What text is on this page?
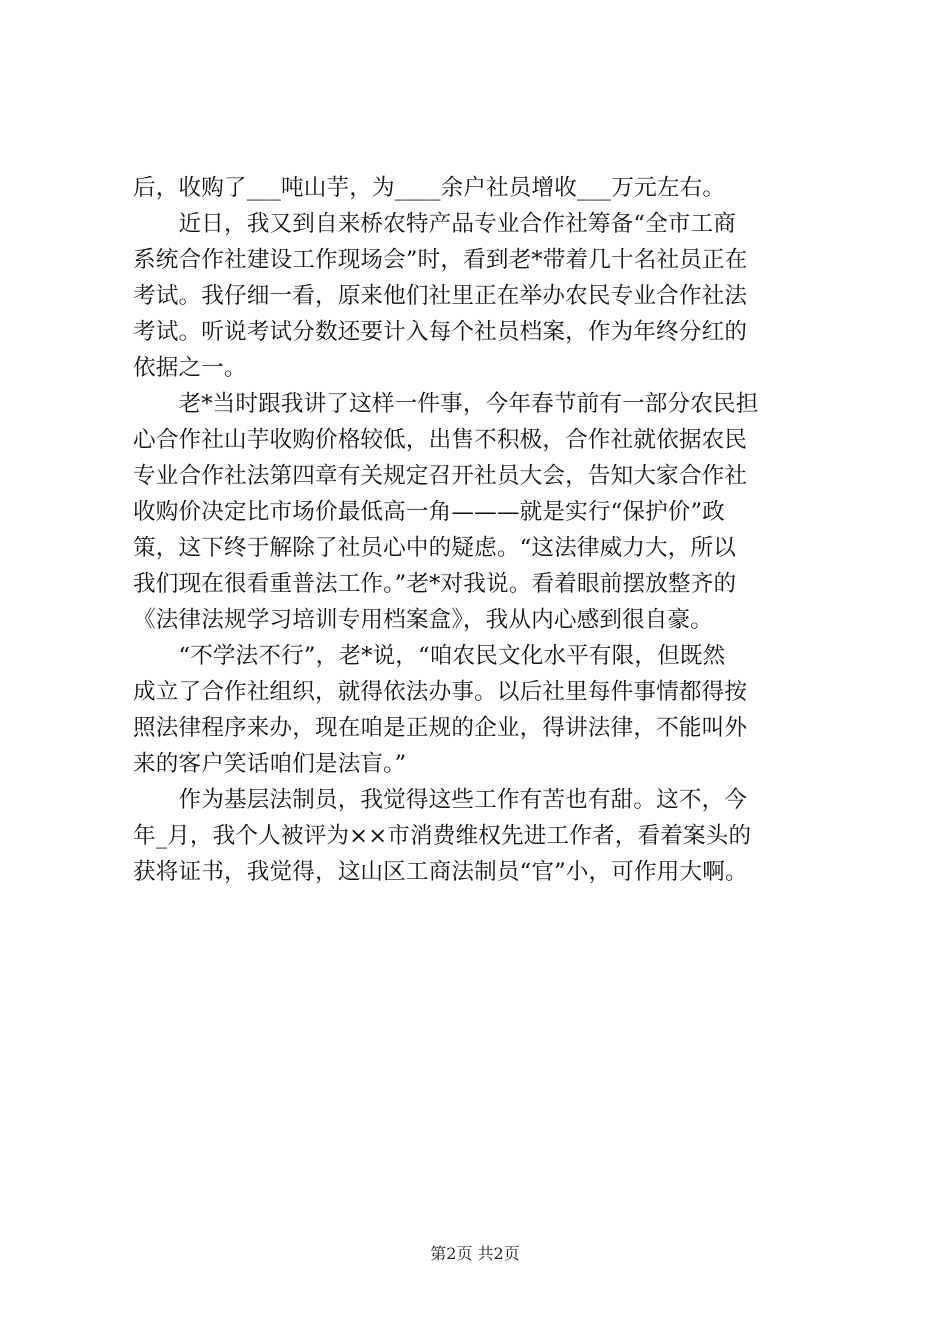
后，收购了___吨山芋，为____余户社员增收___万元左右。
　　近日，我又到自来桥农特产品专业合作社筹备“全市工商
系统合作社建设工作现场会”时，看到老*带着几十名社员正在
考试。我仔细一看，原来他们社里正在举办农民专业合作社法
考试。听说考试分数还要计入每个社员档案，作为年终分红的
依据之一。
　　老*当时跟我讲了这样一件事，今年春节前有一部分农民担
心合作社山芋收购价格较低，出售不积极，合作社就依据农民
专业合作社法第四章有关规定召开社员大会，告知大家合作社
收购价决定比市场价最低高一角———就是实行“保护价”政
策，这下终于解除了社员心中的疑虑。“这法律威力大，所以
我们现在很看重普法工作。”老*对我说。看着眼前摆放整齐的
《法律法规学习培训专用档案盒》，我从内心感到很自豪。
　　“不学法不行”，老*说，“咱农民文化水平有限，但既然
成立了合作社组织，就得依法办事。以后社里每件事情都得按
照法律程序来办，现在咱是正规的企业，得讲法律，不能叫外
来的客户笑话咱们是法盲。”
　　作为基层法制员，我觉得这些工作有苦也有甜。这不，今
年_月，我个人被评为××市消费维权先进工作者，看着案头的
获将证书，我觉得，这山区工商法制员“官”小，可作用大啊。
第2页 共2页
